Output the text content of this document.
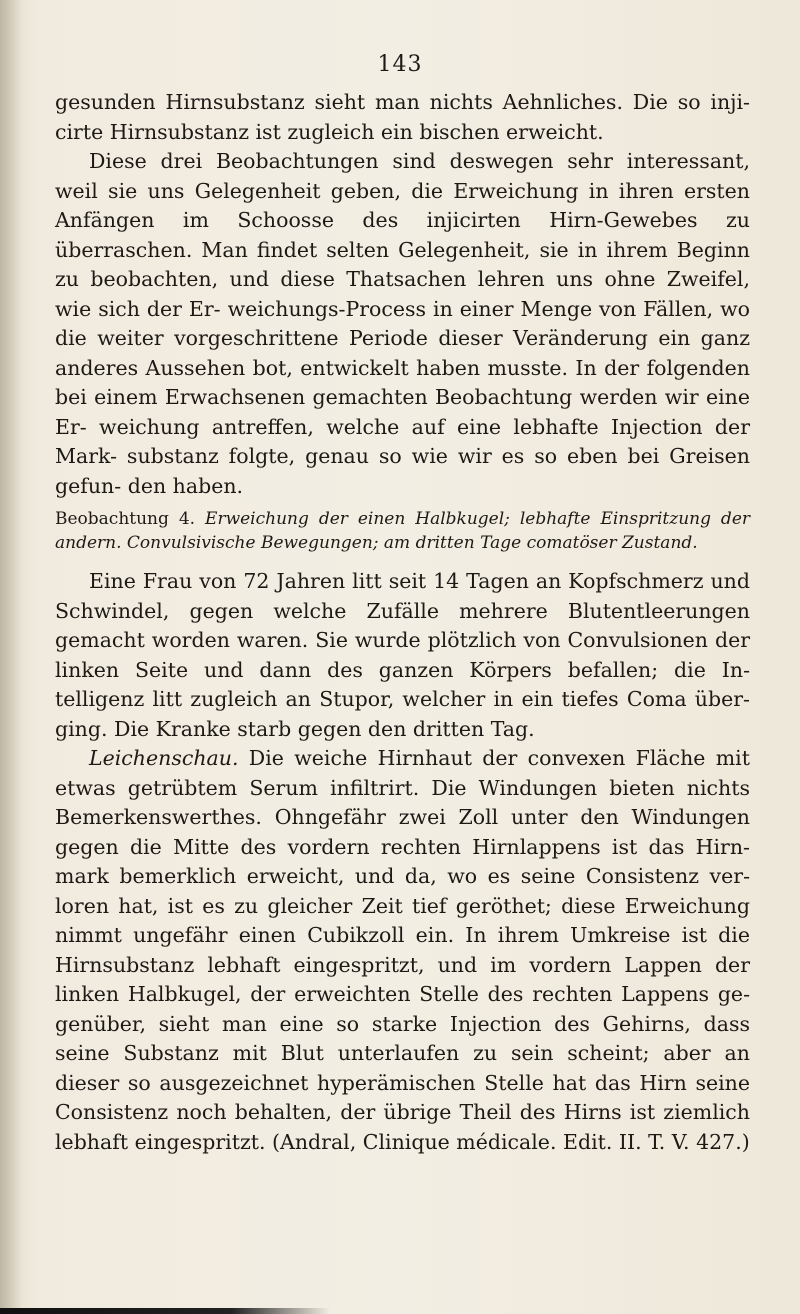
143

gesunden Hirnsubstanz sieht man nichts Aehnliches. Die so inji- cirte Hirnsubstanz ist zugleich ein bischen erweicht.

Diese drei Beobachtungen sind deswegen sehr interessant, weil sie uns Gelegenheit geben, die Erweichung in ihren ersten Anfängen im Schoosse des injicirten Hirn-Gewebes zu überraschen. Man findet selten Gelegenheit, sie in ihrem Beginn zu beobachten, und diese Thatsachen lehren uns ohne Zweifel, wie sich der Er- weichungs-Process in einer Menge von Fällen, wo die weiter vorgeschrittene Periode dieser Veränderung ein ganz anderes Aussehen bot, entwickelt haben musste. In der folgenden bei einem Erwachsenen gemachten Beobachtung werden wir eine Er- weichung antreffen, welche auf eine lebhafte Injection der Mark- substanz folgte, genau so wie wir es so eben bei Greisen gefun- den haben.

Beobachtung 4. Erweichung der einen Halbkugel; lebhafte Einspritzung der andern. Convulsivische Bewegungen; am dritten Tage comatöser Zustand.

Eine Frau von 72 Jahren litt seit 14 Tagen an Kopfschmerz und Schwindel, gegen welche Zufälle mehrere Blutentleerungen gemacht worden waren. Sie wurde plötzlich von Convulsionen der linken Seite und dann des ganzen Körpers befallen; die In- telligenz litt zugleich an Stupor, welcher in ein tiefes Coma über- ging. Die Kranke starb gegen den dritten Tag.

Leichenschau. Die weiche Hirnhaut der convexen Fläche mit etwas getrübtem Serum infiltrirt. Die Windungen bieten nichts Bemerkenswerthes. Ohngefähr zwei Zoll unter den Windungen gegen die Mitte des vordern rechten Hirnlappens ist das Hirn- mark bemerklich erweicht, und da, wo es seine Consistenz ver- loren hat, ist es zu gleicher Zeit tief geröthet; diese Erweichung nimmt ungefähr einen Cubikzoll ein. In ihrem Umkreise ist die Hirnsubstanz lebhaft eingespritzt, und im vordern Lappen der linken Halbkugel, der erweichten Stelle des rechten Lappens ge- genüber, sieht man eine so starke Injection des Gehirns, dass seine Substanz mit Blut unterlaufen zu sein scheint; aber an dieser so ausgezeichnet hyperämischen Stelle hat das Hirn seine Consistenz noch behalten, der übrige Theil des Hirns ist ziemlich lebhaft eingespritzt. (Andral, Clinique médicale. Edit. II. T. V. 427.)
